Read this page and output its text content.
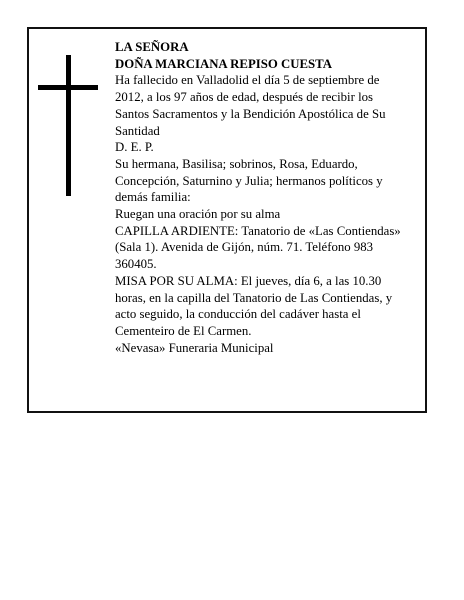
LA SEÑORA
DOÑA MARCIANA REPISO CUESTA
Ha fallecido en Valladolid el día 5 de septiembre de
2012, a los 97 años de edad, después de recibir los
Santos Sacramentos y la Bendición Apostólica de Su
Santidad
D. E. P.
Su hermana, Basilisa; sobrinos, Rosa, Eduardo,
Concepción, Saturnino y Julia; hermanos políticos y
demás familia:
Ruegan una oración por su alma
CAPILLA ARDIENTE: Tanatorio de «Las Contiendas»
(Sala 1). Avenida de Gijón, núm. 71. Teléfono 983
360405.
MISA POR SU ALMA: El jueves, día 6, a las 10.30
horas, en la capilla del Tanatorio de Las Contiendas, y
acto seguido, la conducción del cadáver hasta el
Cementeiro de El Carmen.
«Nevasa» Funeraria Municipal
